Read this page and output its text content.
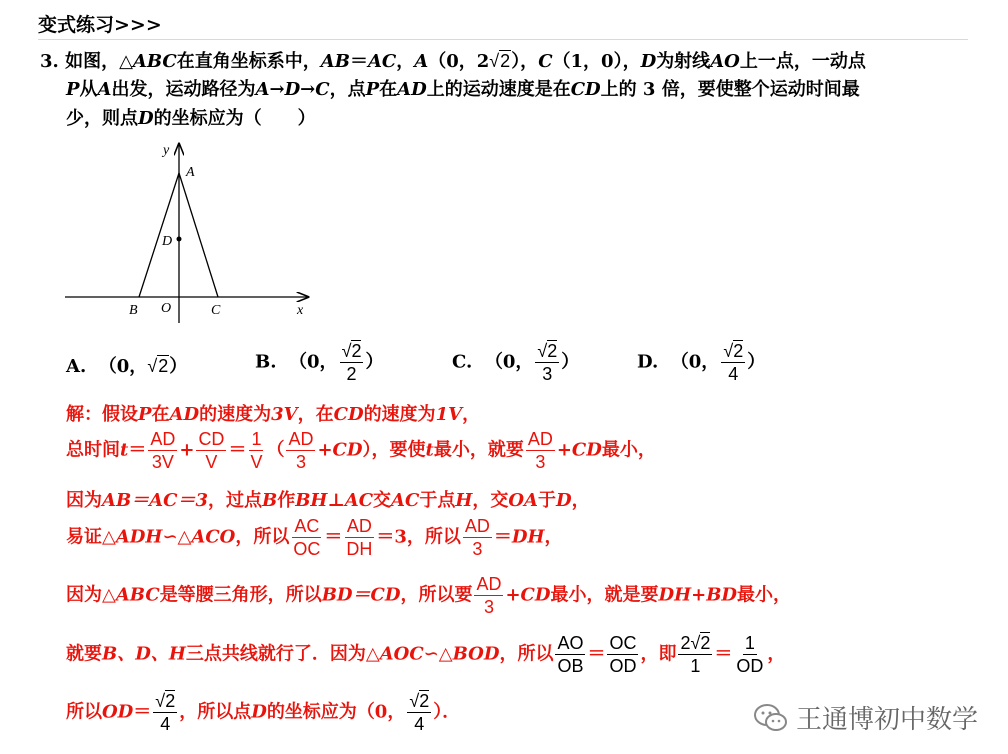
变式练习>>>
3. 如图，△ABC在直角坐标系中，AB＝AC，A（0，2√2），C（1，0），D为射线AO上一点，一动点
P从A出发，运动路径为A→D→C，点P在AD上的运动速度是在CD上的 3 倍，要使整个运动时间最
少，则点D的坐标应为（　　）
y
A
D
B O	C	x
A. （0，√2）	B. （0， $\frac{√2}{2}$ ）	C. （0， $\frac{√2}{3}$ ）	D. （0， $\frac{√2}{4}$ ）
解：假设P在AD的速度为3V，在CD的速度为1V，
总时间$t= \frac{AD}{3V} + \frac{CD}{V} = \frac{1}{V}$ （ $\frac{AD}{3} +CD$），要使t最小，就要 $\frac{AD}{3} +CD$最小，
因为AB＝AC＝3，过点B作BH⊥AC交AC于点H，交OA于D，
易证△ADH∽△ACO，所以 $\frac{AC}{OC} = \frac{AD}{DH} =3$，所以 $\frac{AD}{3} =DH$，
因为△ABC是等腰三角形，所以BD＝CD，所以要 $\frac{AD}{3} +CD$最小，就是要DH+BD最小，
就要B、D、H三点共线就行了．因为△AOC∽△BOD，所以 $\frac{AO}{OB} = \frac{OC}{OD}$ ，即 $\frac{2√2}{1} = \frac{1}{OD}$ ，
所以$OD= \frac{√2}{4}$ ，所以点D的坐标应为（0， $\frac{√2}{4}$ ）．	王通博初中数学
